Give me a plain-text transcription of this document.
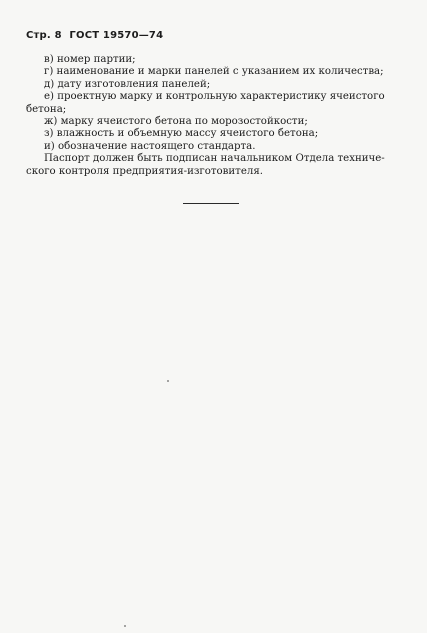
Стр. 8 ГОСТ 19570—74
в) номер партии;
г) наименование и марки панелей с указанием их количества;
д) дату изготовления панелей;
е) проектную марку и контрольную характеристику ячеистого
бетона;
ж) марку ячеистого бетона по морозостойкости;
з) влажность и объемную массу ячеистого бетона;
и) обозначение настоящего стандарта.
Паспорт должен быть подписан начальником Отдела техниче-
ского контроля предприятия-изготовителя.
